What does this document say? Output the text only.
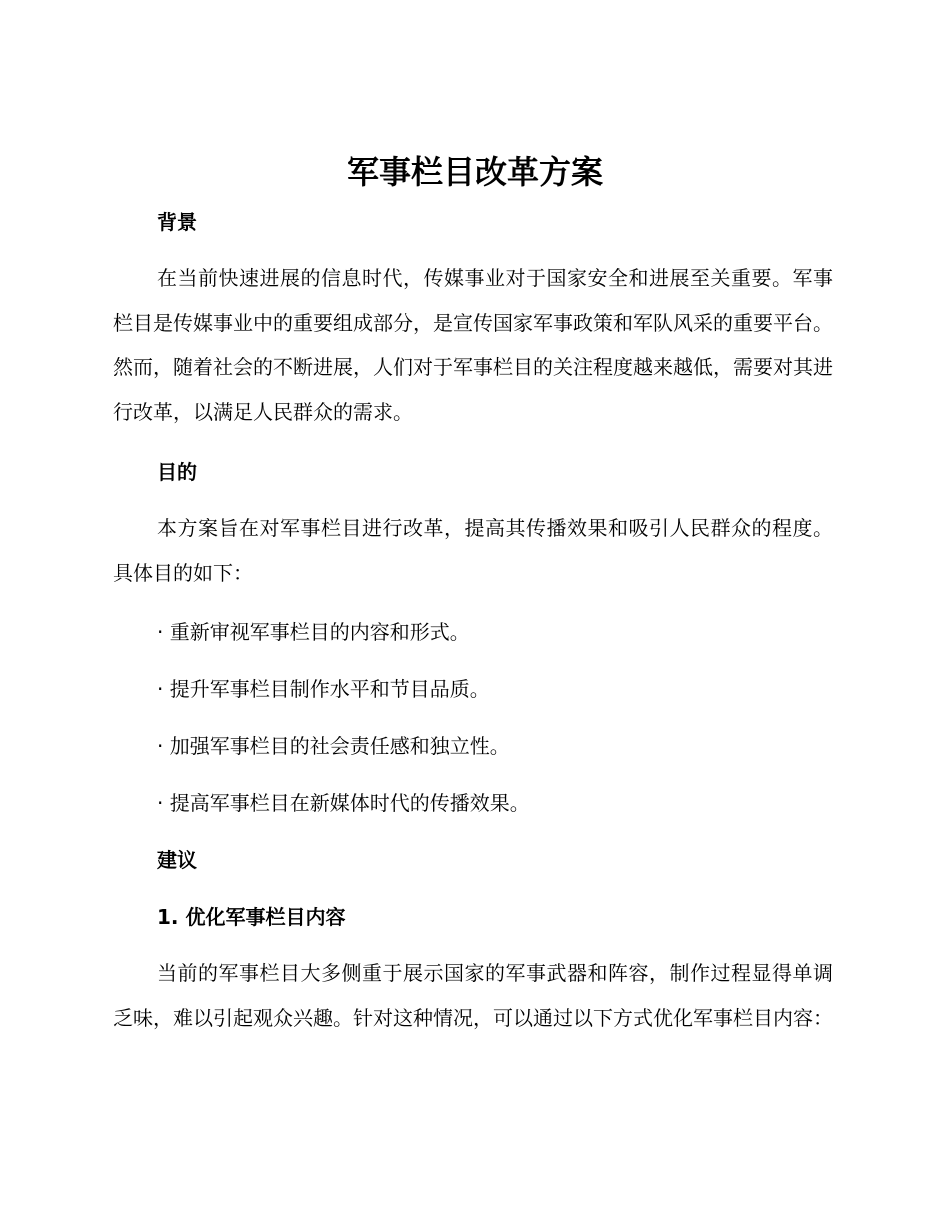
军事栏目改革方案
背景

在当前快速进展的信息时代，传媒事业对于国家安全和进展至关重要。军事栏目是传媒事业中的重要组成部分，是宣传国家军事政策和军队风采的重要平台。然而，随着社会的不断进展，人们对于军事栏目的关注程度越来越低，需要对其进行改革，以满足人民群众的需求。

目的

本方案旨在对军事栏目进行改革，提高其传播效果和吸引人民群众的程度。具体目的如下：

· 重新审视军事栏目的内容和形式。

· 提升军事栏目制作水平和节目品质。

· 加强军事栏目的社会责任感和独立性。

· 提高军事栏目在新媒体时代的传播效果。

建议
1. 优化军事栏目内容

当前的军事栏目大多侧重于展示国家的军事武器和阵容，制作过程显得单调乏味，难以引起观众兴趣。针对这种情况，可以通过以下方式优化军事栏目内容：
